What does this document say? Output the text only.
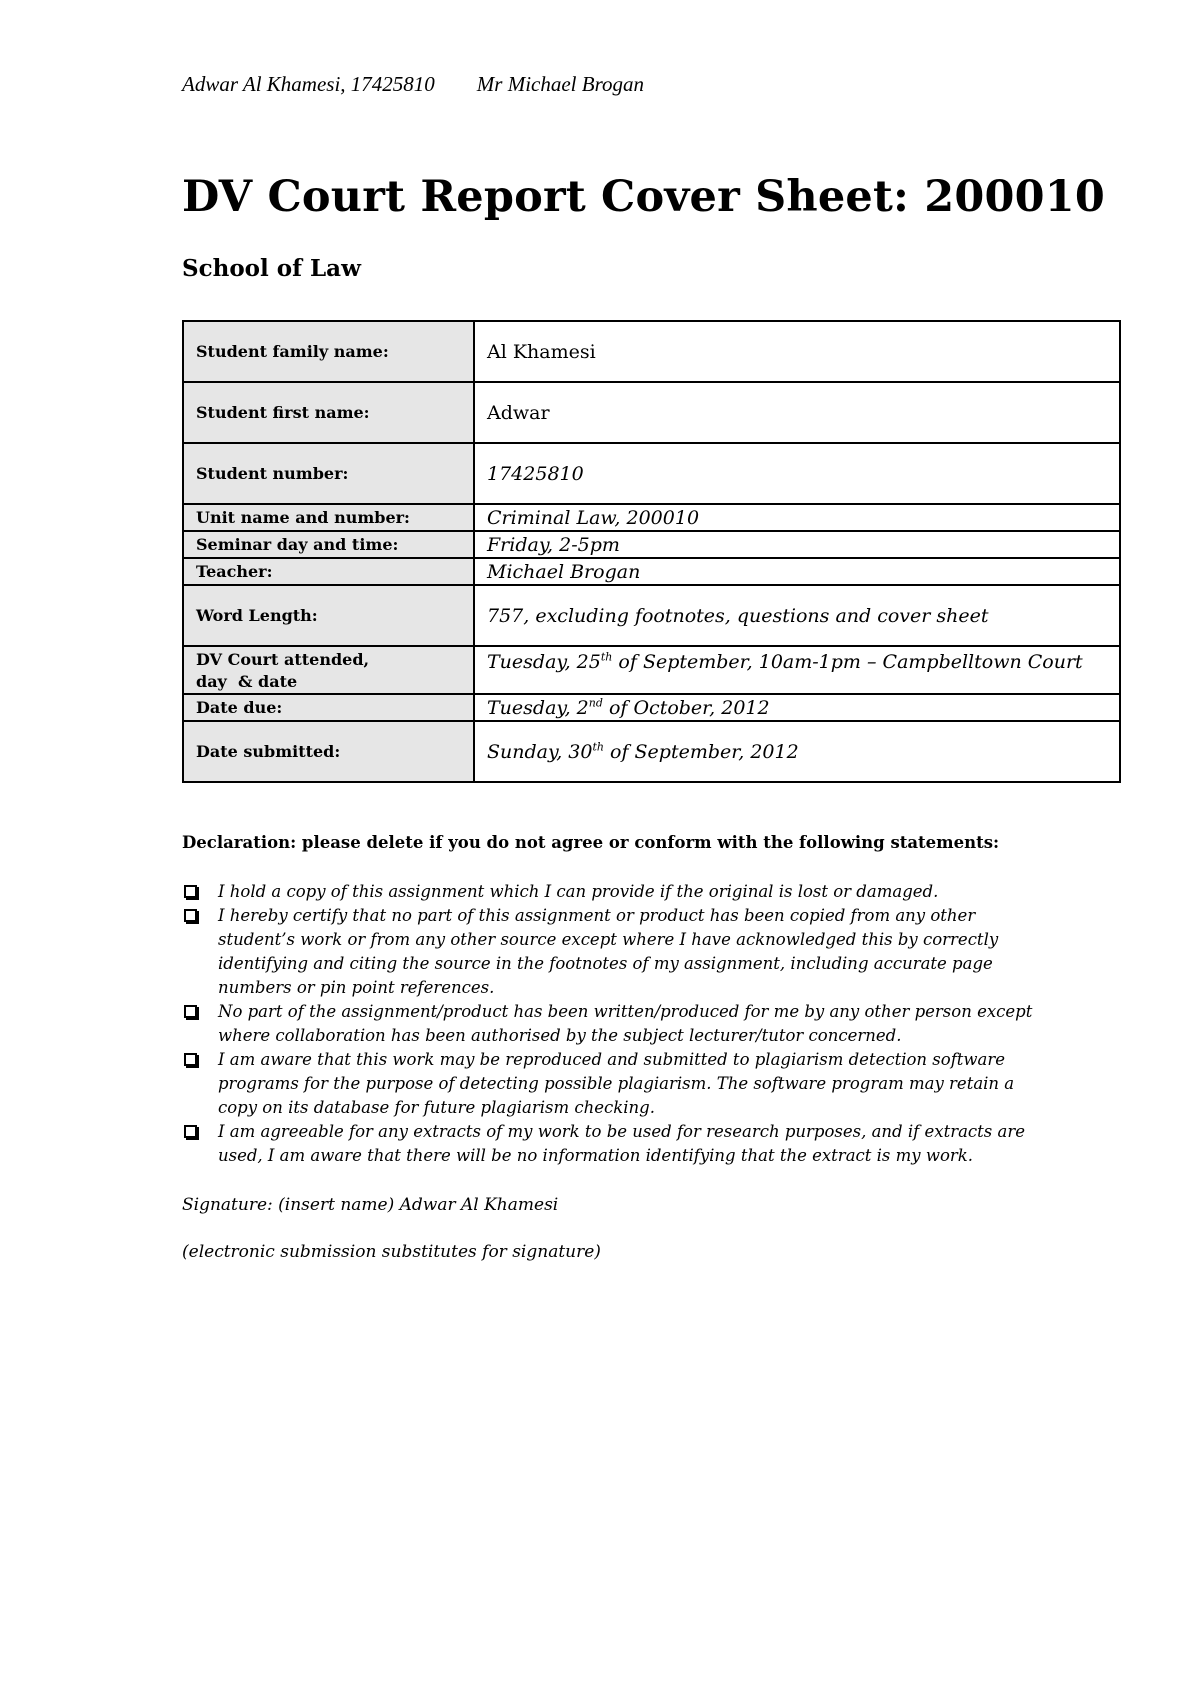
Adwar Al Khamesi, 17425810 Mr Michael Brogan
DV Court Report Cover Sheet: 200010
School of Law
Student family name:	Al Khamesi
Student first name:	Adwar
Student number:	17425810
Unit name and number:	Criminal Law, 200010
Seminar day and time:	Friday, 2-5pm
Teacher:	Michael Brogan
Word Length:	757, excluding footnotes, questions and cover sheet

DV Court attended,
day  & date	Tuesday, 25th of September, 10am-1pm – Campbelltown Court
Date due:	Tuesday, 2nd of October, 2012
Date submitted:	Sunday, 30th of September, 2012
Declaration: please delete if you do not agree or conform with the following statements:
I hold a copy of this assignment which I can provide if the original is lost or damaged.
I hereby certify that no part of this assignment or product has been copied from any other student’s work or from any other source except where I have acknowledged this by correctly identifying and citing the source in the footnotes of my assignment, including accurate page numbers or pin point references.
No part of the assignment/product has been written/produced for me by any other person except where collaboration has been authorised by the subject lecturer/tutor concerned.
I am aware that this work may be reproduced and submitted to plagiarism detection software programs for the purpose of detecting possible plagiarism. The software program may retain a copy on its database for future plagiarism checking.
I am agreeable for any extracts of my work to be used for research purposes, and if extracts are used, I am aware that there will be no information identifying that the extract is my work.
Signature: (insert name) Adwar Al Khamesi
(electronic submission substitutes for signature)
